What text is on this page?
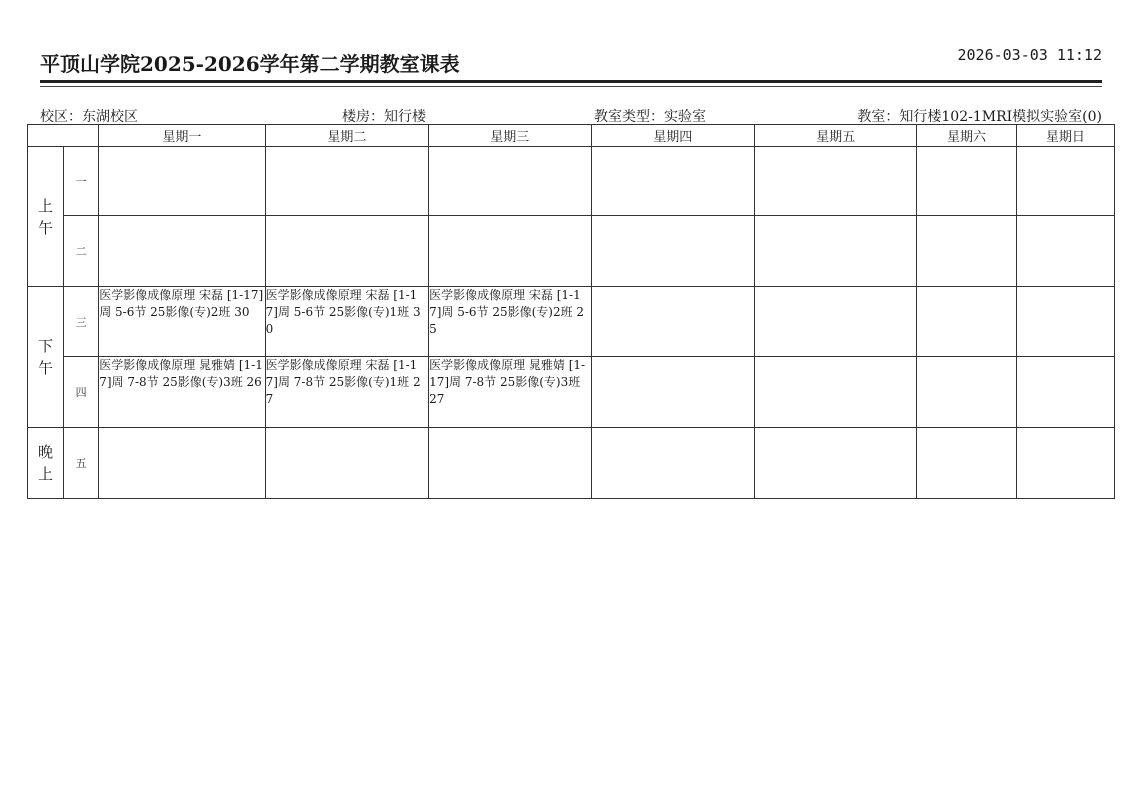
平顶山学院2025-2026学年第二学期教室课表	2026-03-03 11:12
校区：东湖校区	楼房：知行楼	教室类型：实验室	教室：知行楼102-1MRI模拟实验室(0)
		星期一	星期二	星期三	星期四	星期五	星期六	星期日

上
午	一							
	二							

下
午	三	医学影像成像原理 宋磊 [1-17]周 5-6节 25影像(专)2班 30	医学影像成像原理 宋磊 [1-17]周 5-6节 25影像(专)1班 30	医学影像成像原理 宋磊 [1-17]周 5-6节 25影像(专)2班 25				

	四	医学影像成像原理 晁雅婧 [1-17]周 7-8节 25影像(专)3班 26	医学影像成像原理 宋磊 [1-17]周 7-8节 25影像(专)1班 27	医学影像成像原理 晁雅婧 [1-17]周 7-8节 25影像(专)3班 27				

晚
上	五							
